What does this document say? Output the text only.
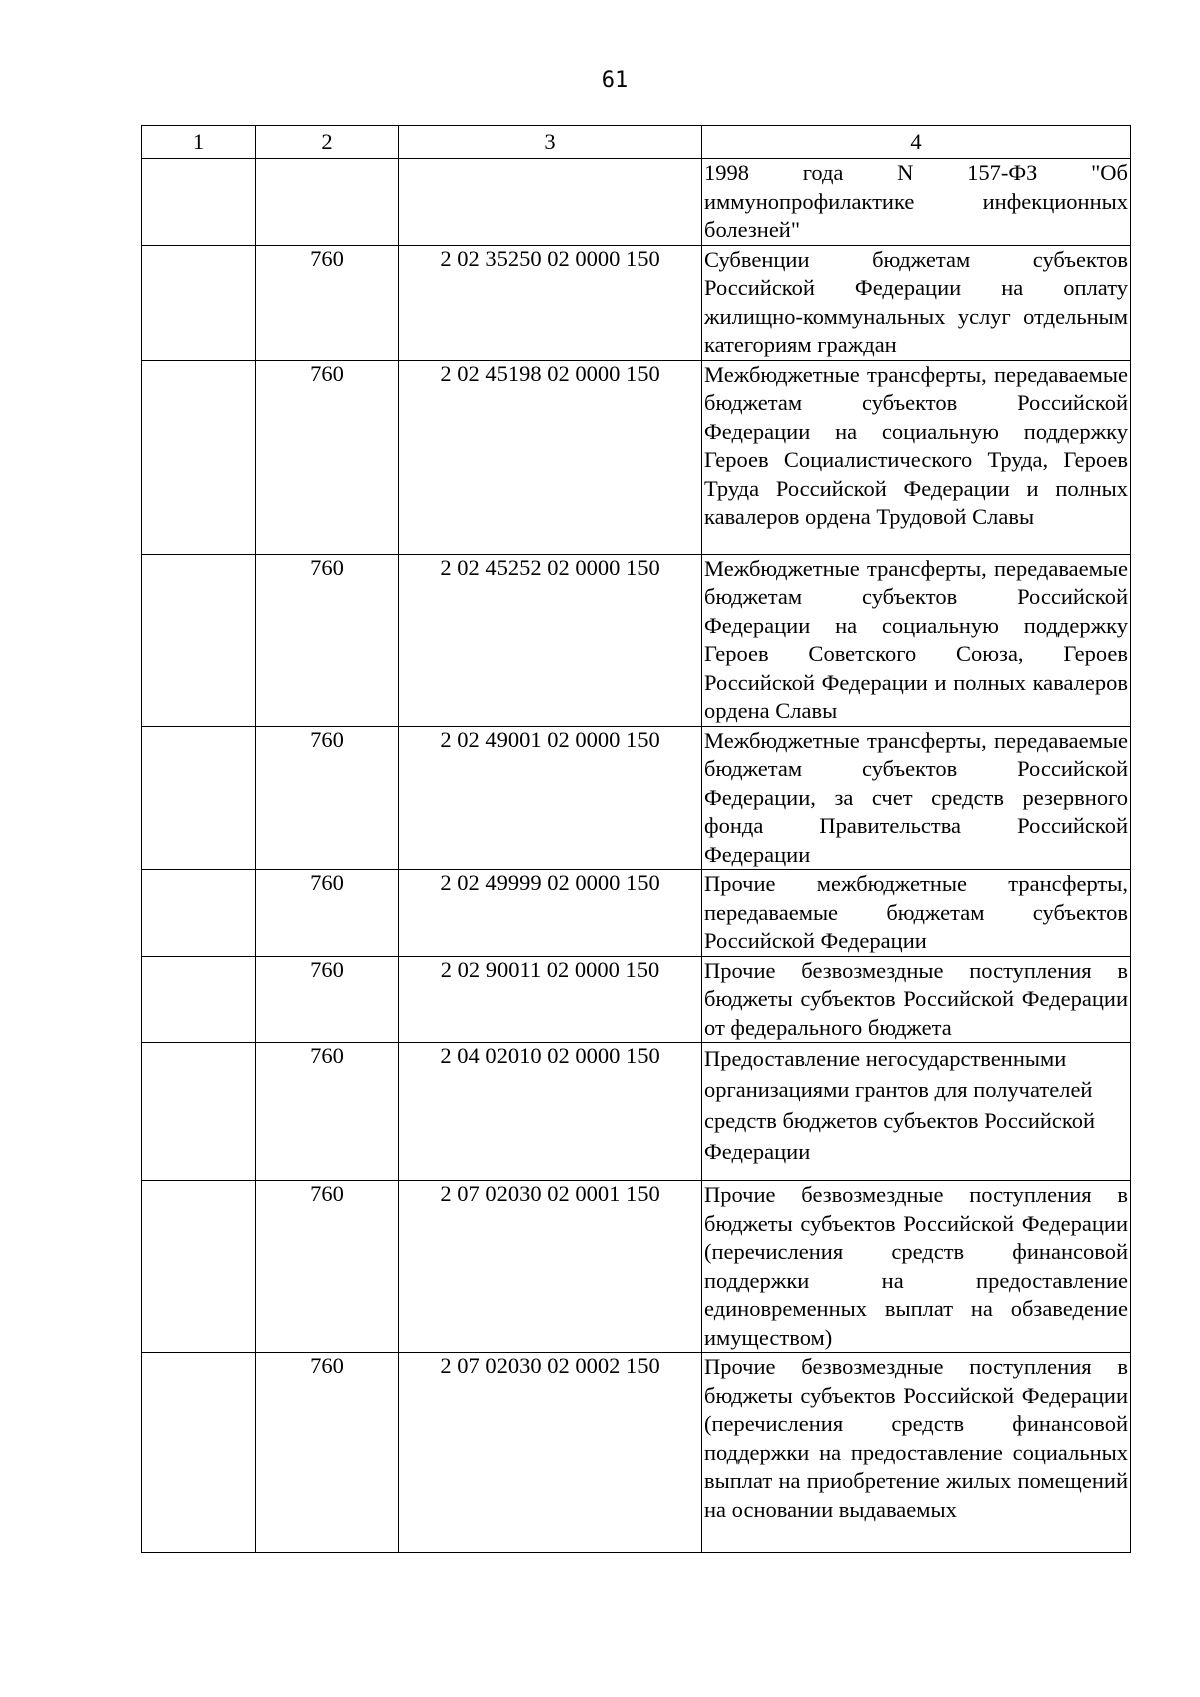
61
1	2	3	4

			1998 года N 157-ФЗ "Об иммунопрофилактике инфекционных болезней"

	760	2 02 35250 02 0000 150	Субвенции бюджетам субъектов Российской Федерации на оплату жилищно-коммунальных услуг отдельным категориям граждан

	760	2 02 45198 02 0000 150	Межбюджетные трансферты, передаваемые бюджетам субъектов Российской Федерации на социальную поддержку Героев Социалистического Труда, Героев Труда Российской Федерации и полных кавалеров ордена Трудовой Славы

	760	2 02 45252 02 0000 150	Межбюджетные трансферты, передаваемые бюджетам субъектов Российской Федерации на социальную поддержку Героев Советского Союза, Героев Российской Федерации и полных кавалеров ордена Славы

	760	2 02 49001 02 0000 150	Межбюджетные трансферты, передаваемые бюджетам субъектов Российской Федерации, за счет средств резервного фонда Правительства Российской Федерации

	760	2 02 49999 02 0000 150	Прочие межбюджетные трансферты, передаваемые бюджетам субъектов Российской Федерации

	760	2 02 90011 02 0000 150	Прочие безвозмездные поступления в бюджеты субъектов Российской Федерации от федерального бюджета

	760	2 04 02010 02 0000 150	Предоставление негосударственными организациями грантов для получателей средств бюджетов субъектов Российской Федерации

	760	2 07 02030 02 0001 150	Прочие безвозмездные поступления в бюджеты субъектов Российской Федерации (перечисления средств финансовой поддержки на предоставление единовременных выплат на обзаведение имуществом)

	760	2 07 02030 02 0002 150	Прочие безвозмездные поступления в бюджеты субъектов Российской Федерации (перечисления средств финансовой поддержки на предоставление социальных выплат на приобретение жилых помещений на основании выдаваемых
